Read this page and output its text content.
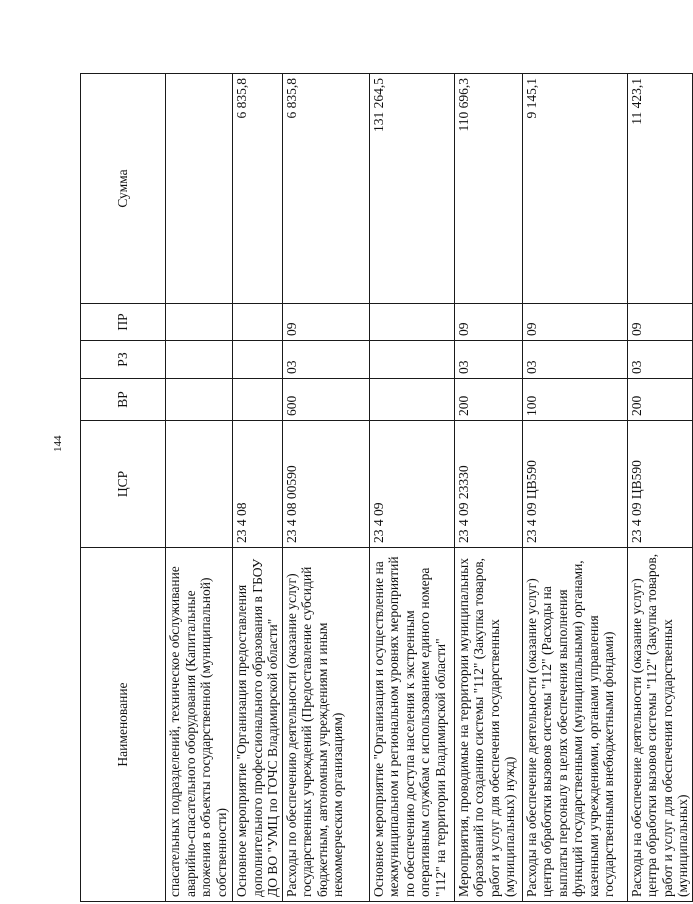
144
Наименование	ЦСР	ВР	РЗ	ПР	Сумма
спасательных подразделений, техническое обслуживание аварийно-спасательного оборудования (Капитальные вложения в объекты государственной (муниципальной) собственности)					
Основное мероприятие "Организация предоставления дополнительного профессионального образования в ГБОУ ДО ВО "УМЦ по ГОЧС Владимирской области"	23 4 08				6 835,8
Расходы по обеспечению деятельности (оказание услуг) государственных учреждений (Предоставление субсидий бюджетным, автономным учреждениям и иным некоммерческим организациям)	23 4 08 00590	600	03	09	6 835,8
Основное мероприятие "Организация и осуществление на межмуниципальном и региональном уровнях мероприятий по обеспечению доступа населения к экстренным оперативным службам с использованием единого номера "112" на территории Владимирской области"	23 4 09				131 264,5
Мероприятия, проводимые на территории муниципальных образований по созданию системы "112" (Закупка товаров, работ и услуг для обеспечения государственных (муниципальных) нужд)	23 4 09 23330	200	03	09	110 696,3
Расходы на обеспечение деятельности (оказание услуг) центра обработки вызовов системы "112" (Расходы на выплаты персоналу в целях обеспечения выполнения функций государственными (муниципальными) органами, казенными учреждениями, органами управления государственными внебюджетными фондами)	23 4 09 ЦВ590	100	03	09	9 145,1
Расходы на обеспечение деятельности (оказание услуг) центра обработки вызовов системы "112" (Закупка товаров, работ и услуг для обеспечения государственных (муниципальных)	23 4 09 ЦВ590	200	03	09	11 423,1
